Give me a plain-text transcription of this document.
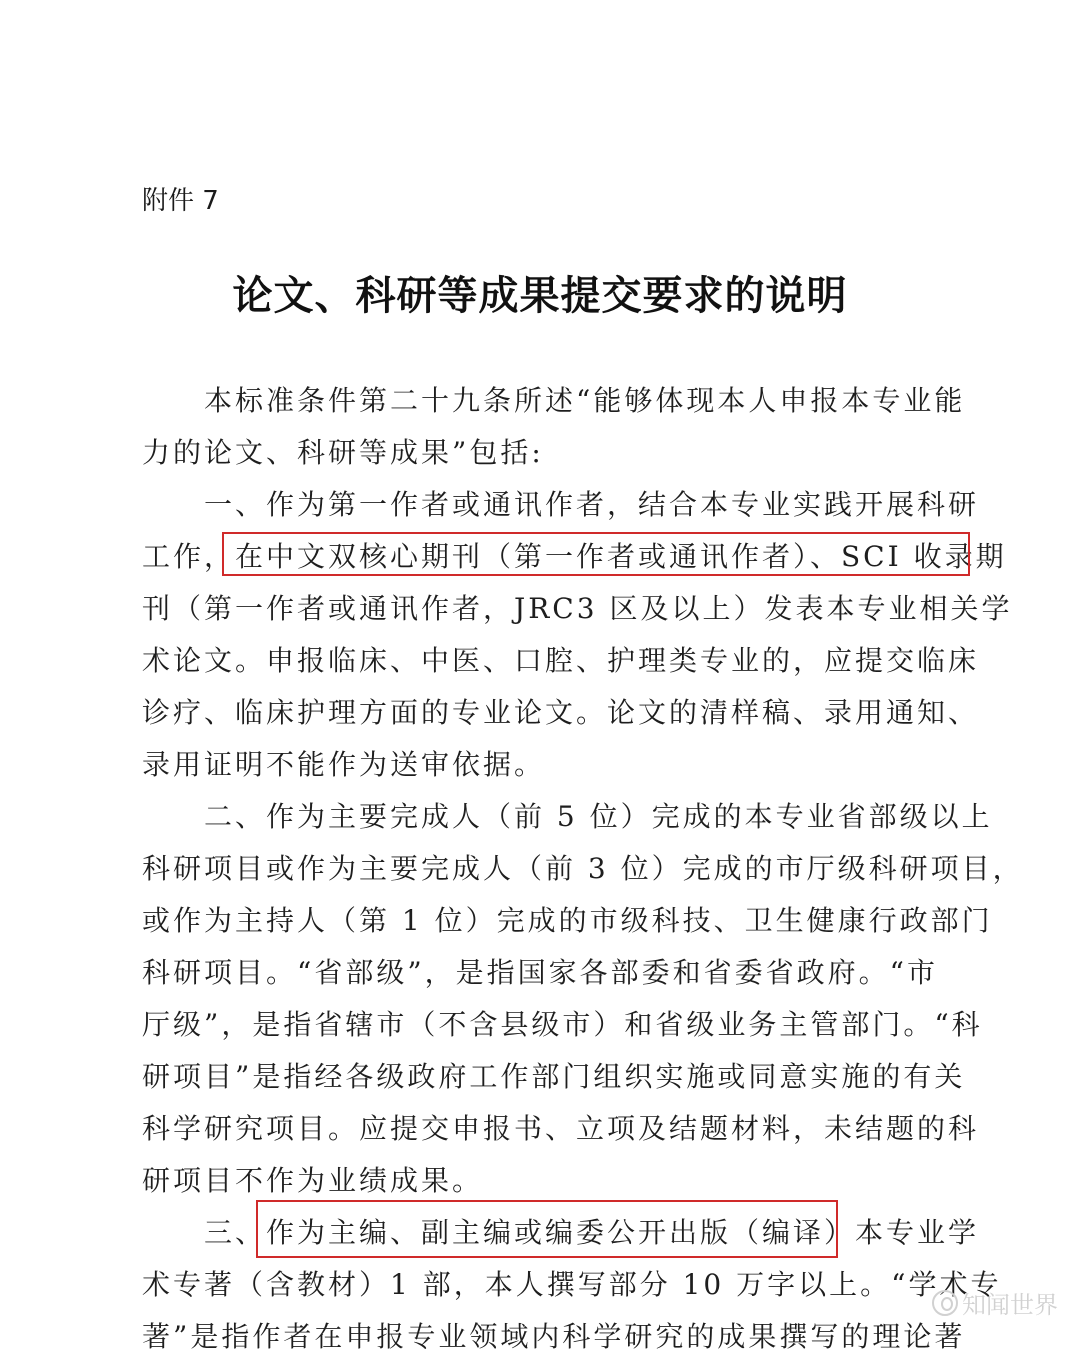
附件 7
论文、科研等成果提交要求的说明
本标准条件第二十九条所述“能够体现本人申报本专业能
力的论文、科研等成果”包括:
一、作为第一作者或通讯作者，结合本专业实践开展科研
工作，在中文双核心期刊（第一作者或通讯作者）、SCI 收录期
刊（第一作者或通讯作者，JRC3 区及以上）发表本专业相关学
术论文。申报临床、中医、口腔、护理类专业的，应提交临床
诊疗、临床护理方面的专业论文。论文的清样稿、录用通知、
录用证明不能作为送审依据。
二、作为主要完成人（前 5 位）完成的本专业省部级以上
科研项目或作为主要完成人（前 3 位）完成的市厅级科研项目，
或作为主持人（第 1 位）完成的市级科技、卫生健康行政部门
科研项目。“省部级”，是指国家各部委和省委省政府。“市
厅级”，是指省辖市（不含县级市）和省级业务主管部门。“科
研项目”是指经各级政府工作部门组织实施或同意实施的有关
科学研究项目。应提交申报书、立项及结题材料，未结题的科
研项目不作为业绩成果。
三、作为主编、副主编或编委公开出版（编译）本专业学
术专著（含教材）1 部，本人撰写部分 10 万字以上。“学术专
著”是指作者在申报专业领域内科学研究的成果撰写的理论著
知闻世界
